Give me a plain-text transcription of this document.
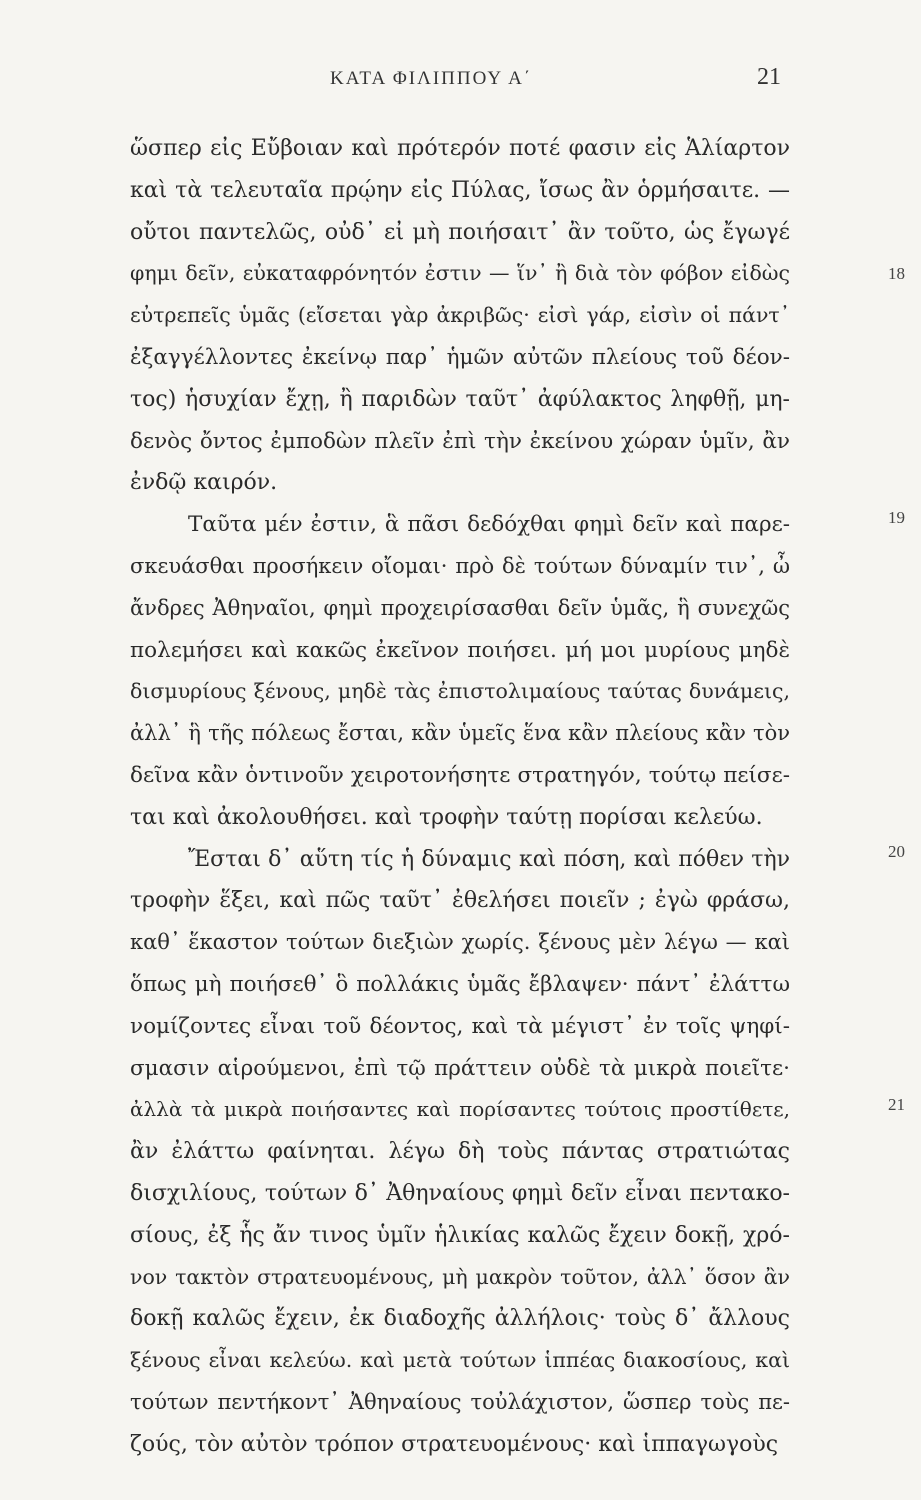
ΚΑΤΑ ΦΙΛΙΠΠΟΥ Α΄	21
ὥσπερ εἰς Εὔβοιαν καὶ πρότερόν ποτέ φασιν εἰς Ἁλίαρτον
καὶ τὰ τελευταῖα πρῴην εἰς Πύλας, ἴσως ἂν ὁρμήσαιτε. —
οὔτοι παντελῶς, οὐδ᾽ εἰ μὴ ποιήσαιτ᾽ ἂν τοῦτο, ὡς ἔγωγέ
φημι δεῖν, εὐκαταφρόνητόν ἐστιν — ἵν᾽ ἢ διὰ τὸν φόβον εἰδὼς
εὐτρεπεῖς ὑμᾶς (εἴσεται γὰρ ἀκριβῶς· εἰσὶ γάρ, εἰσὶν οἱ πάντ᾽
ἐξαγγέλλοντες ἐκείνῳ παρ᾽ ἡμῶν αὐτῶν πλείους τοῦ δέον-
τος) ἡσυχίαν ἔχῃ, ἢ παριδὼν ταῦτ᾽ ἀφύλακτος ληφθῇ, μη-
δενὸς ὄντος ἐμποδὼν πλεῖν ἐπὶ τὴν ἐκείνου χώραν ὑμῖν, ἂν
ἐνδῷ καιρόν.
Ταῦτα μέν ἐστιν, ἃ πᾶσι δεδόχθαι φημὶ δεῖν καὶ παρε-
σκευάσθαι προσήκειν οἴομαι· πρὸ δὲ τούτων δύναμίν τιν᾽, ὦ
ἄνδρες Ἀθηναῖοι, φημὶ προχειρίσασθαι δεῖν ὑμᾶς, ἣ συνεχῶς
πολεμήσει καὶ κακῶς ἐκεῖνον ποιήσει. μή μοι μυρίους μηδὲ
δισμυρίους ξένους, μηδὲ τὰς ἐπιστολιμαίους ταύτας δυνάμεις,
ἀλλ᾽ ἣ τῆς πόλεως ἔσται, κἂν ὑμεῖς ἕνα κἂν πλείους κἂν τὸν
δεῖνα κἂν ὁντινοῦν χειροτονήσητε στρατηγόν, τούτῳ πείσε-
ται καὶ ἀκολουθήσει. καὶ τροφὴν ταύτῃ πορίσαι κελεύω.
Ἔσται δ᾽ αὕτη τίς ἡ δύναμις καὶ πόση, καὶ πόθεν τὴν
τροφὴν ἕξει, καὶ πῶς ταῦτ᾽ ἐθελήσει ποιεῖν ; ἐγὼ φράσω,
καθ᾽ ἕκαστον τούτων διεξιὼν χωρίς. ξένους μὲν λέγω — καὶ
ὅπως μὴ ποιήσεθ᾽ ὃ πολλάκις ὑμᾶς ἔβλαψεν· πάντ᾽ ἐλάττω
νομίζοντες εἶναι τοῦ δέοντος, καὶ τὰ μέγιστ᾽ ἐν τοῖς ψηφί-
σμασιν αἱρούμενοι, ἐπὶ τῷ πράττειν οὐδὲ τὰ μικρὰ ποιεῖτε·
ἀλλὰ τὰ μικρὰ ποιήσαντες καὶ πορίσαντες τούτοις προστίθετε,
ἂν ἐλάττω φαίνηται. λέγω δὴ τοὺς πάντας στρατιώτας
δισχιλίους, τούτων δ᾽ Ἀθηναίους φημὶ δεῖν εἶναι πεντακο-
σίους, ἐξ ἧς ἄν τινος ὑμῖν ἡλικίας καλῶς ἔχειν δοκῇ, χρό-
νον τακτὸν στρατευομένους, μὴ μακρὸν τοῦτον, ἀλλ᾽ ὅσον ἂν
δοκῇ καλῶς ἔχειν, ἐκ διαδοχῆς ἀλλήλοις· τοὺς δ᾽ ἄλλους
ξένους εἶναι κελεύω. καὶ μετὰ τούτων ἱππέας διακοσίους, καὶ
τούτων πεντήκοντ᾽ Ἀθηναίους τοὐλάχιστον, ὥσπερ τοὺς πε-
ζούς, τὸν αὐτὸν τρόπον στρατευομένους· καὶ ἱππαγωγοὺς
18
19
20
21
